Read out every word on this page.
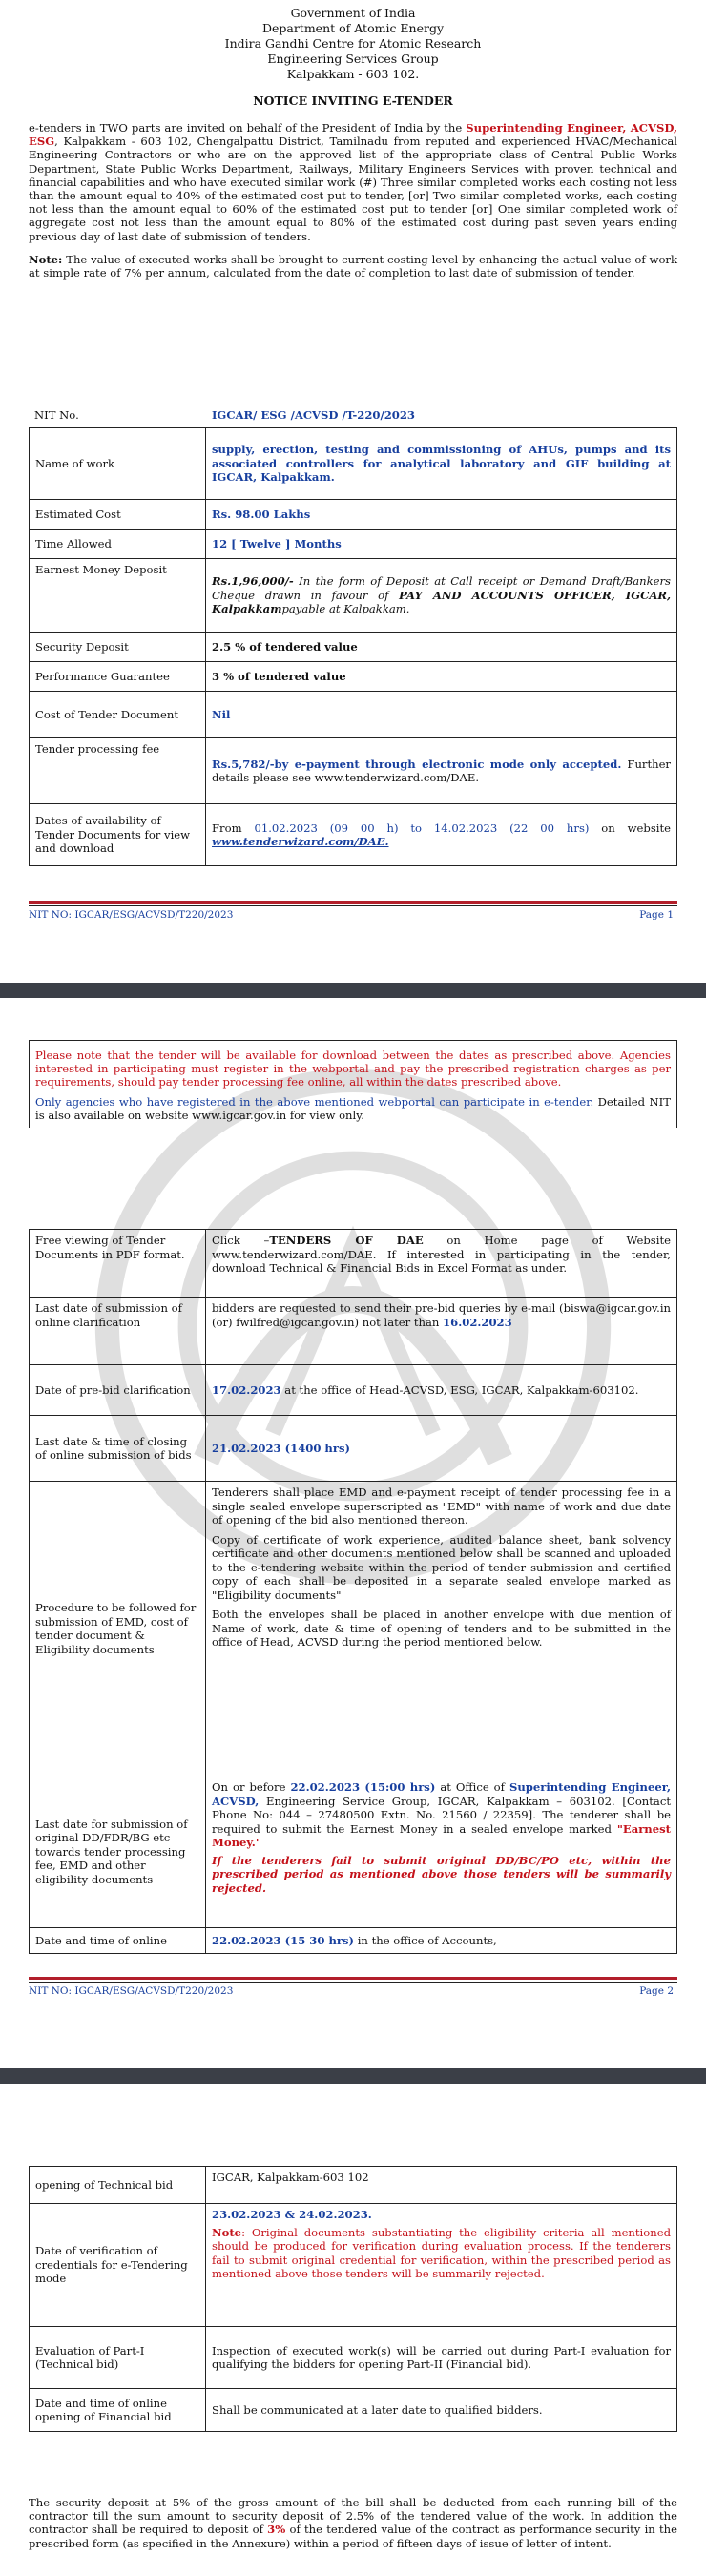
Government of India
Department of Atomic Energy
Indira Gandhi Centre for Atomic Research
Engineering Services Group
Kalpakkam - 603 102.
NOTICE INVITING E-TENDER
e-tenders in TWO parts are invited on behalf of the President of India by the Superintending Engineer, ACVSD, ESG, Kalpakkam - 603 102, Chengalpattu District, Tamilnadu from reputed and experienced HVAC/Mechanical Engineering Contractors or who are on the approved list of the appropriate class of Central Public Works Department, State Public Works Department, Railways, Military Engineers Services with proven technical and financial capabilities and who have executed similar work (#) Three similar completed works each costing not less than the amount equal to 40% of the estimated cost put to tender, [or] Two similar completed works, each costing not less than the amount equal to 60% of the estimated cost put to tender [or] One similar completed work of aggregate cost not less than the amount equal to 80% of the estimated cost during past seven years ending previous day of last date of submission of tenders.
Note: The value of executed works shall be brought to current costing level by enhancing the actual value of work at simple rate of 7% per annum, calculated from the date of completion to last date of submission of tender.
NIT No.	IGCAR/ ESG /ACVSD /T-220/2023
Name of work	supply, erection, testing and commissioning of AHUs, pumps and its associated controllers for analytical laboratory and GIF building at IGCAR, Kalpakkam.
Estimated Cost	Rs. 98.00 Lakhs
Time Allowed	12 [ Twelve ] Months
Earnest Money Deposit	Rs.1,96,000/- In the form of Deposit at Call receipt or Demand Draft/Bankers Cheque drawn in favour of PAY AND ACCOUNTS OFFICER, IGCAR, Kalpakkampayable at Kalpakkam.
Security Deposit	2.5 % of tendered value
Performance Guarantee	3 % of tendered value
Cost of Tender Document	Nil
Tender processing fee	Rs.5,782/-by e-payment through electronic mode only accepted. Further details please see www.tenderwizard.com/DAE.
Dates of availability of Tender Documents for view and download	From 01.02.2023 (09 00 h) to 14.02.2023 (22 00 hrs) on website www.tenderwizard.com/DAE.
NIT NO: IGCAR/ESG/ACVSD/T220/2023	Page 1

Please note that the tender will be available for download between the dates as prescribed above. Agencies interested in participating must register in the webportal and pay the prescribed registration charges as per requirements, should pay tender processing fee online, all within the dates prescribed above.

Only agencies who have registered in the above mentioned webportal can participate in e-tender. Detailed NIT is also available on website www.igcar.gov.in for view only.

Free viewing of Tender Documents in PDF format.	Click –TENDERS OF DAE on Home page of Website www.tenderwizard.com/DAE. If interested in participating in the tender, download Technical & Financial Bids in Excel Format as under.
Last date of submission of online clarification	bidders are requested to send their pre-bid queries by e-mail (biswa@igcar.gov.in (or) fwilfred@igcar.gov.in) not later than 16.02.2023
Date of pre-bid clarification	17.02.2023 at the office of Head-ACVSD, ESG, IGCAR, Kalpakkam-603102.
Last date & time of closing of online submission of bids	21.02.2023 (1400 hrs)
Procedure to be followed for submission of EMD, cost of tender document & Eligibility documents	Tenderers shall place EMD and e-payment receipt of tender processing fee in a single sealed envelope superscripted as "EMD" with name of work and due date of opening of the bid also mentioned thereon.

Copy of certificate of work experience, audited balance sheet, bank solvency certificate and other documents mentioned below shall be scanned and uploaded to the e-tendering website within the period of tender submission and certified copy of each shall be deposited in a separate sealed envelope marked as "Eligibility documents"

Both the envelopes shall be placed in another envelope with due mention of Name of work, date & time of opening of tenders and to be submitted in the office of Head, ACVSD during the period mentioned below.

Last date for submission of original DD/FDR/BG etc towards tender processing fee, EMD and other eligibility documents	On or before 22.02.2023 (15:00 hrs) at Office of Superintending Engineer, ACVSD, Engineering Service Group, IGCAR, Kalpakkam – 603102. [Contact Phone No: 044 – 27480500 Extn. No. 21560 / 22359]. The tenderer shall be required to submit the Earnest Money in a sealed envelope marked "Earnest Money.'

If the tenderers fail to submit original DD/BC/PO etc, within the prescribed period as mentioned above those tenders will be summarily rejected.

Date and time of online	22.02.2023 (15 30 hrs) in the office of Accounts,
NIT NO: IGCAR/ESG/ACVSD/T220/2023	Page 2
opening of Technical bid	IGCAR, Kalpakkam-603 102
Date of verification of credentials for e-Tendering mode	23.02.2023 & 24.02.2023.

Note: Original documents substantiating the eligibility criteria all mentioned should be produced for verification during evaluation process. If the tenderers fail to submit original credential for verification, within the prescribed period as mentioned above those tenders will be summarily rejected.

Evaluation of Part-I (Technical bid)	Inspection of executed work(s) will be carried out during Part-I evaluation for qualifying the bidders for opening Part-II (Financial bid).
Date and time of online opening of Financial bid	Shall be communicated at a later date to qualified bidders.
The security deposit at 5% of the gross amount of the bill shall be deducted from each running bill of the contractor till the sum amount to security deposit of 2.5% of the tendered value of the work. In addition the contractor shall be required to deposit of 3% of the tendered value of the contract as performance security in the prescribed form (as specified in the Annexure) within a period of fifteen days of issue of letter of intent.
